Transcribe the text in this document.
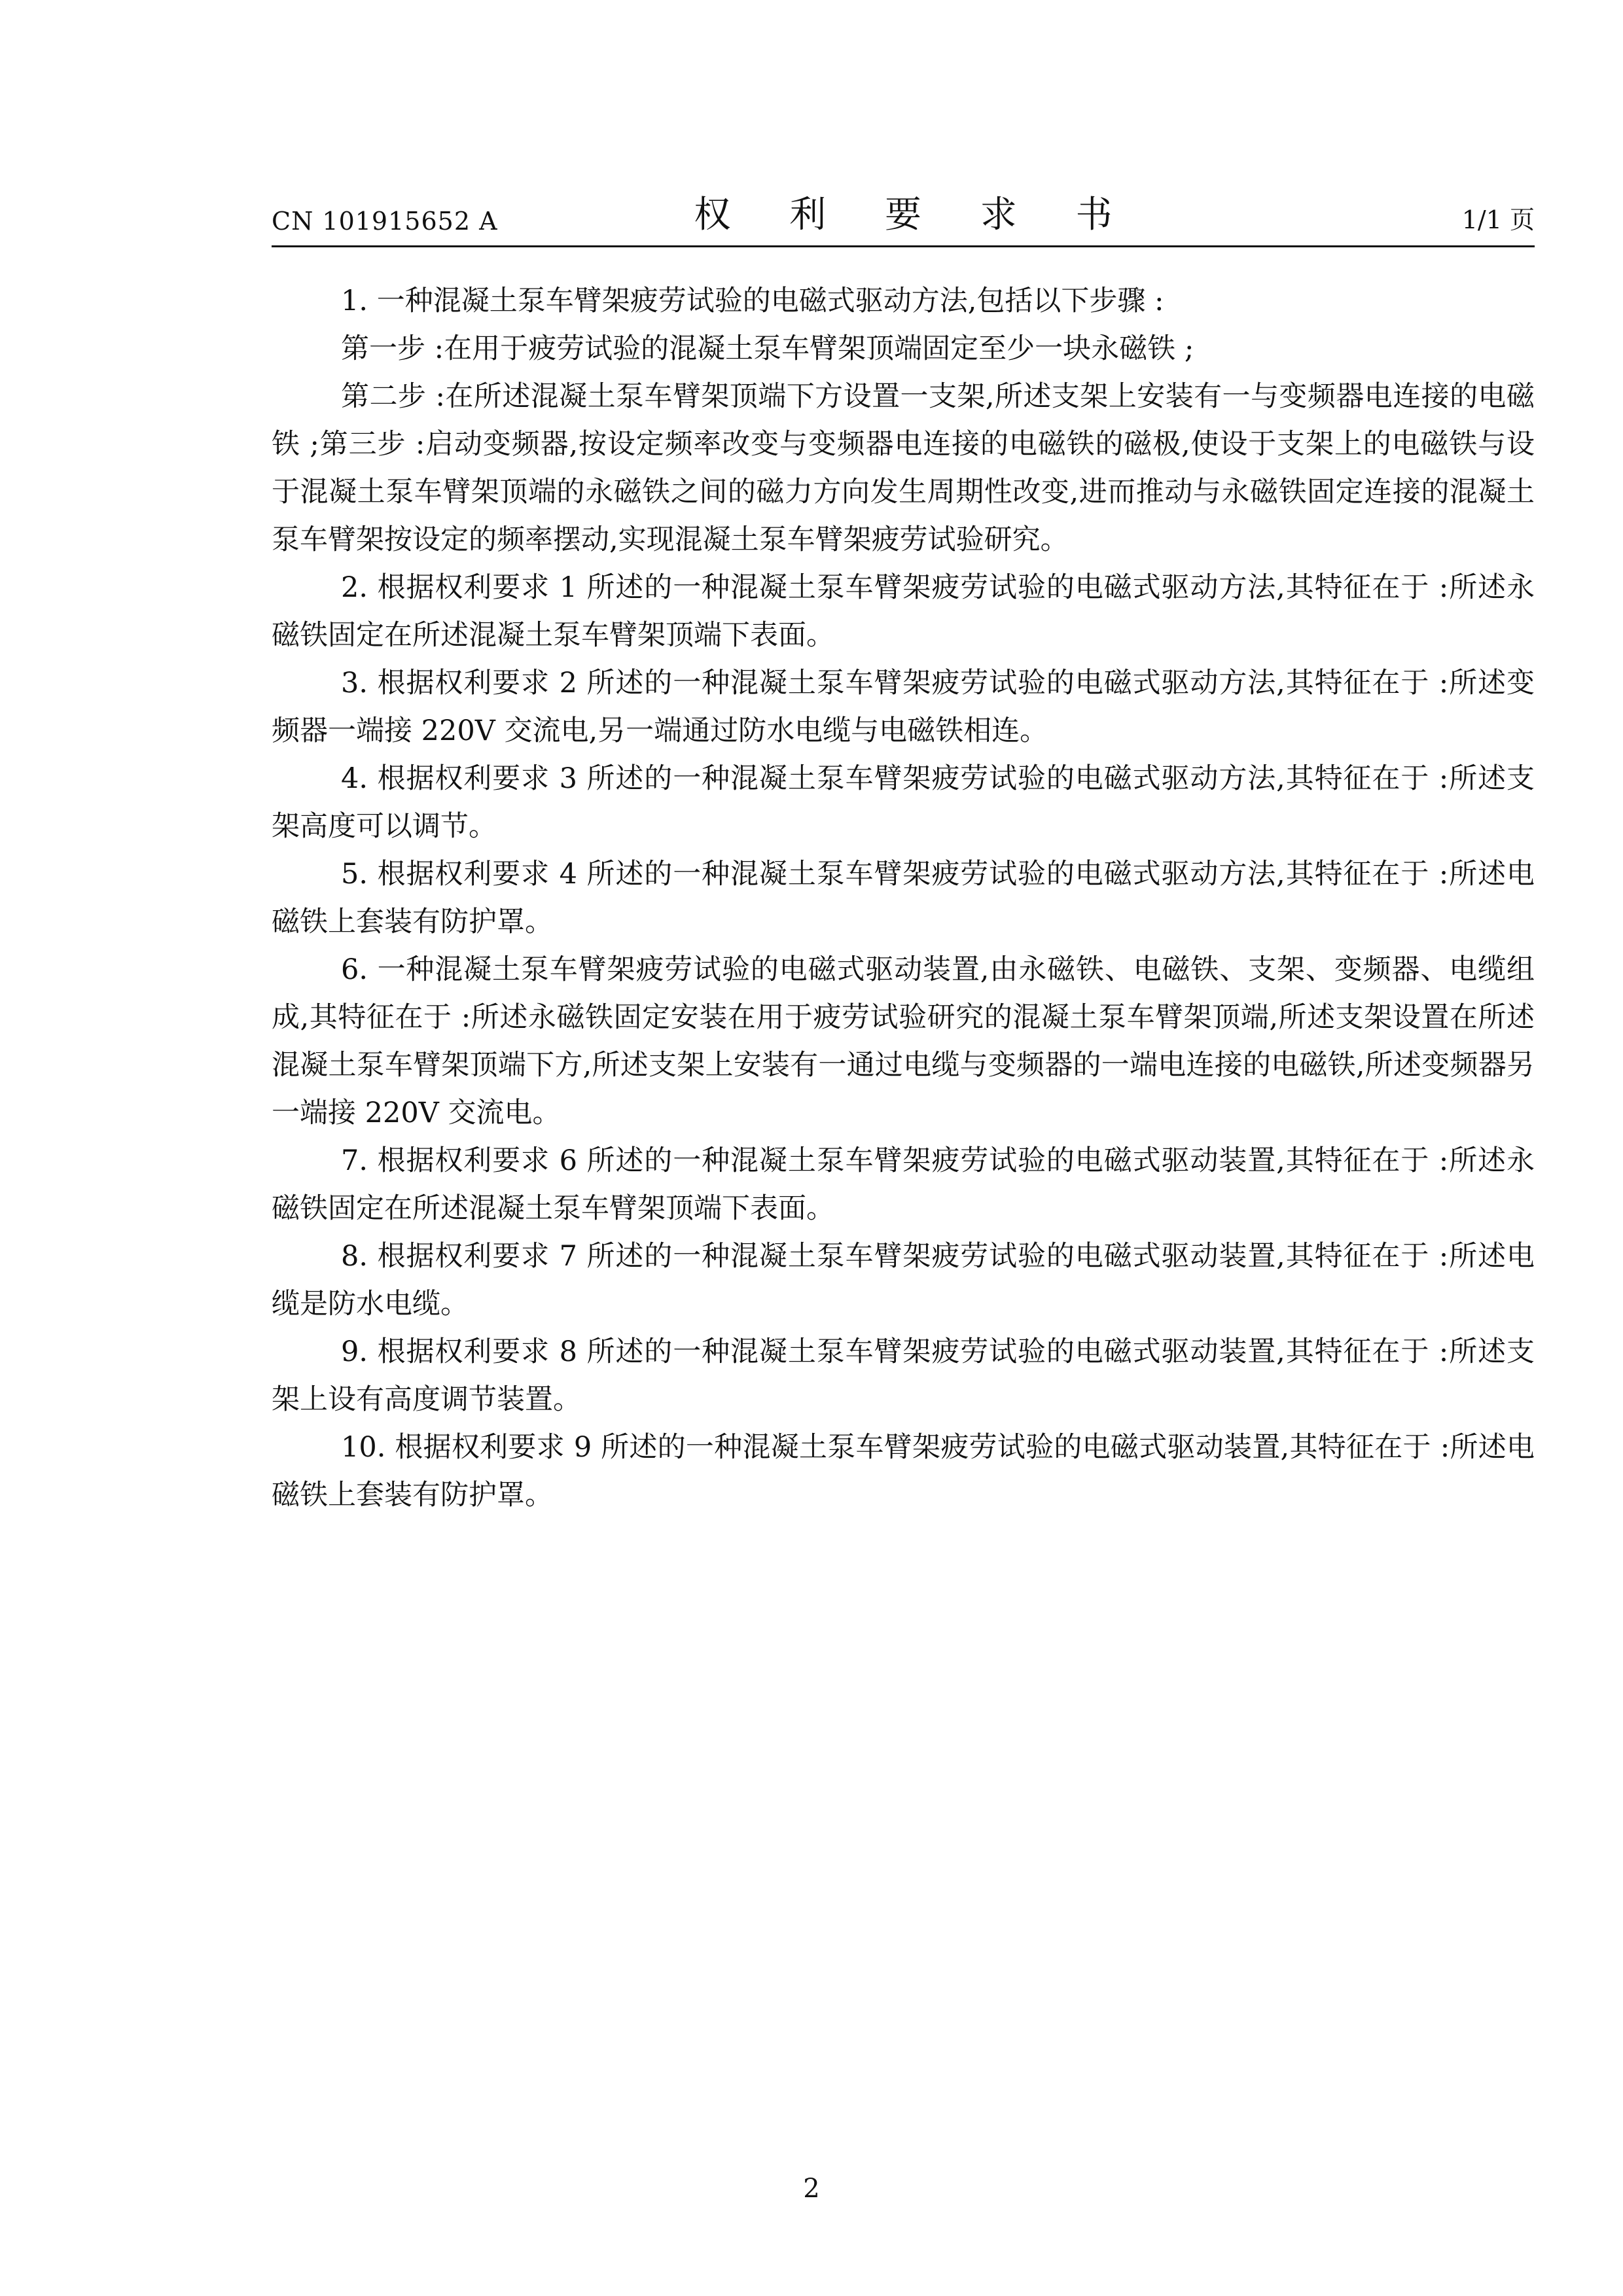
CN 101915652 A	权 利 要 求 书	1/1 页

1. 一种混凝土泵车臂架疲劳试验的电磁式驱动方法,包括以下步骤 :

第一步 :在用于疲劳试验的混凝土泵车臂架顶端固定至少一块永磁铁 ;

第二步 :在所述混凝土泵车臂架顶端下方设置一支架,所述支架上安装有一与变频器电连接的电磁铁 ;第三步 :启动变频器,按设定频率改变与变频器电连接的电磁铁的磁极,使设于支架上的电磁铁与设于混凝土泵车臂架顶端的永磁铁之间的磁力方向发生周期性改变,进而推动与永磁铁固定连接的混凝土泵车臂架按设定的频率摆动,实现混凝土泵车臂架疲劳试验研究。

2. 根据权利要求 1 所述的一种混凝土泵车臂架疲劳试验的电磁式驱动方法,其特征在于 :所述永磁铁固定在所述混凝土泵车臂架顶端下表面。

3. 根据权利要求 2 所述的一种混凝土泵车臂架疲劳试验的电磁式驱动方法,其特征在于 :所述变频器一端接 220V 交流电,另一端通过防水电缆与电磁铁相连。

4. 根据权利要求 3 所述的一种混凝土泵车臂架疲劳试验的电磁式驱动方法,其特征在于 :所述支架高度可以调节。

5. 根据权利要求 4 所述的一种混凝土泵车臂架疲劳试验的电磁式驱动方法,其特征在于 :所述电磁铁上套装有防护罩。

6. 一种混凝土泵车臂架疲劳试验的电磁式驱动装置,由永磁铁、电磁铁、支架、变频器、电缆组成,其特征在于 :所述永磁铁固定安装在用于疲劳试验研究的混凝土泵车臂架顶端,所述支架设置在所述混凝土泵车臂架顶端下方,所述支架上安装有一通过电缆与变频器的一端电连接的电磁铁,所述变频器另一端接 220V 交流电。

7. 根据权利要求 6 所述的一种混凝土泵车臂架疲劳试验的电磁式驱动装置,其特征在于 :所述永磁铁固定在所述混凝土泵车臂架顶端下表面。

8. 根据权利要求 7 所述的一种混凝土泵车臂架疲劳试验的电磁式驱动装置,其特征在于 :所述电缆是防水电缆。

9. 根据权利要求 8 所述的一种混凝土泵车臂架疲劳试验的电磁式驱动装置,其特征在于 :所述支架上设有高度调节装置。

10. 根据权利要求 9 所述的一种混凝土泵车臂架疲劳试验的电磁式驱动装置,其特征在于 :所述电磁铁上套装有防护罩。

2
